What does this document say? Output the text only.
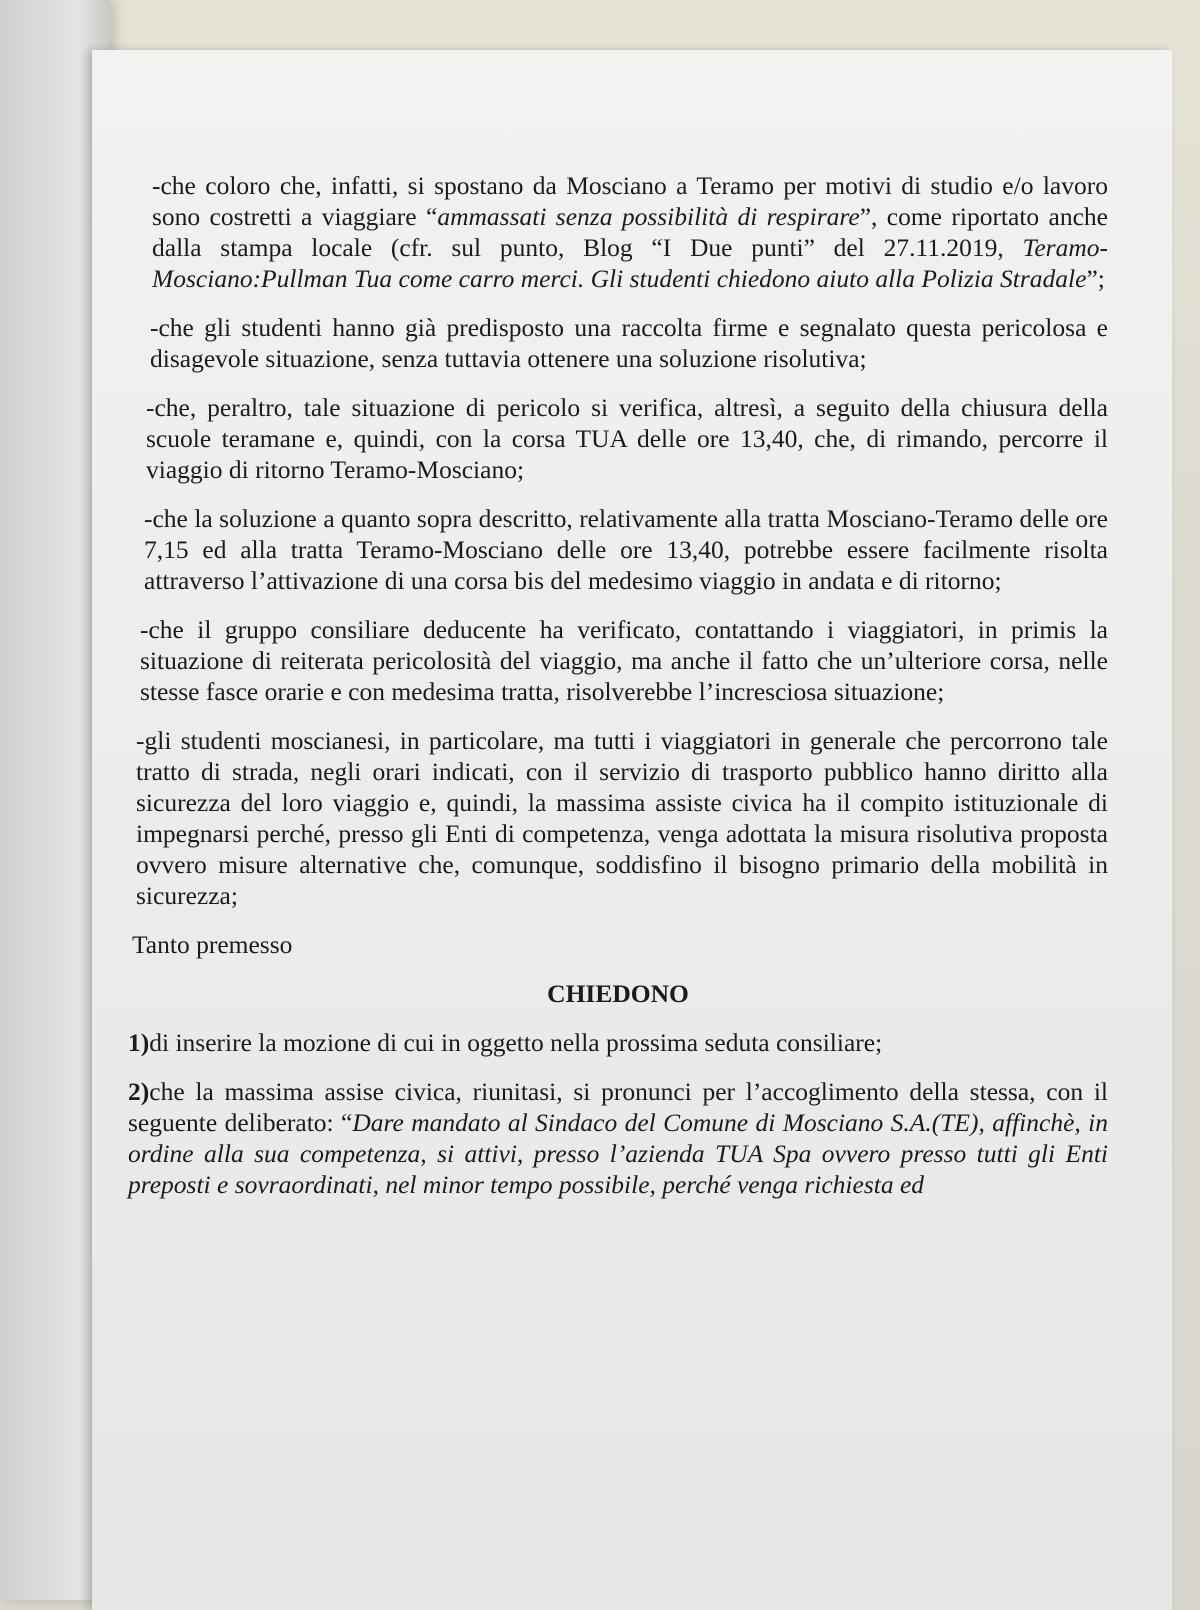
-che coloro che, infatti, si spostano da Mosciano a Teramo per motivi di studio e/o lavoro sono costretti a viaggiare “ammassati senza possibilità di respirare”, come riportato anche dalla stampa locale (cfr. sul punto, Blog “I Due punti” del 27.11.2019, Teramo-Mosciano:Pullman Tua come carro merci. Gli studenti chiedono aiuto alla Polizia Stradale”;

-che gli studenti hanno già predisposto una raccolta firme e segnalato questa pericolosa e disagevole situazione, senza tuttavia ottenere una soluzione risolutiva;

-che, peraltro, tale situazione di pericolo si verifica, altresì, a seguito della chiusura della scuole teramane e, quindi, con la corsa TUA delle ore 13,40, che, di rimando, percorre il viaggio di ritorno Teramo-Mosciano;

-che la soluzione a quanto sopra descritto, relativamente alla tratta Mosciano-Teramo delle ore 7,15 ed alla tratta Teramo-Mosciano delle ore 13,40, potrebbe essere facilmente risolta attraverso l’attivazione di una corsa bis del medesimo viaggio in andata e di ritorno;

-che il gruppo consiliare deducente ha verificato, contattando i viaggiatori, in primis la situazione di reiterata pericolosità del viaggio, ma anche il fatto che un’ulteriore corsa, nelle stesse fasce orarie e con medesima tratta, risolverebbe l’incresciosa situazione;

-gli studenti moscianesi, in particolare, ma tutti i viaggiatori in generale che percorrono tale tratto di strada, negli orari indicati, con il servizio di trasporto pubblico hanno diritto alla sicurezza del loro viaggio e, quindi, la massima assiste civica ha il compito istituzionale di impegnarsi perché, presso gli Enti di competenza, venga adottata la misura risolutiva proposta ovvero misure alternative che, comunque, soddisfino il bisogno primario della mobilità in sicurezza;

Tanto premesso

CHIEDONO

1)di inserire la mozione di cui in oggetto nella prossima seduta consiliare;

2)che la massima assise civica, riunitasi, si pronunci per l’accoglimento della stessa, con il seguente deliberato: “Dare mandato al Sindaco del Comune di Mosciano S.A.(TE), affinchè, in ordine alla sua competenza, si attivi, presso l’azienda TUA Spa ovvero presso tutti gli Enti preposti e sovraordinati, nel minor tempo possibile, perché venga richiesta ed
